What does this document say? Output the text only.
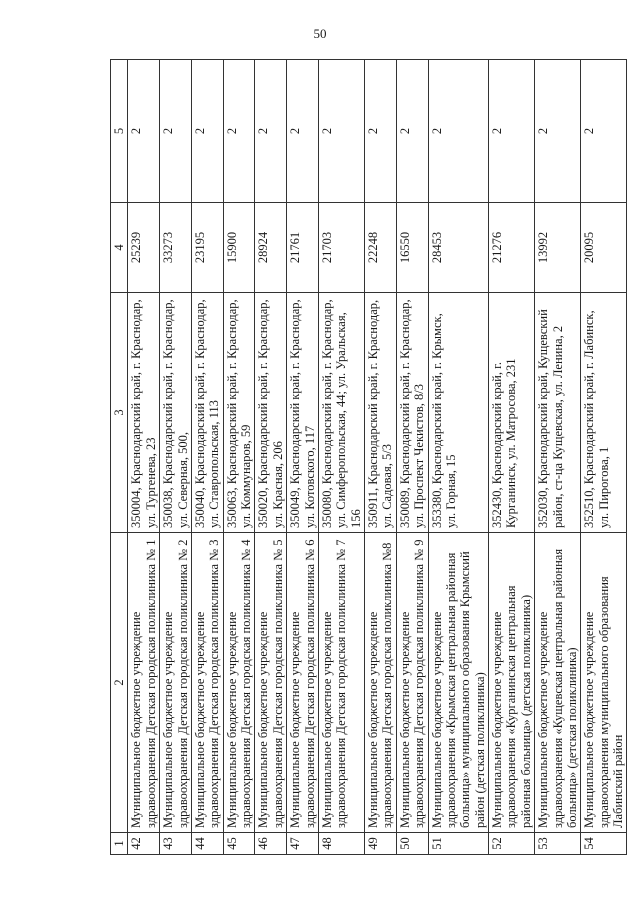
50
1	2	3	4	5
42	Муниципальное бюджетное учреждение здравоохранения Детская городская поликлиника № 1	350004, Краснодарский край, г. Краснодар, ул. Тургенева, 23	25239	2
43	Муниципальное бюджетное учреждение здравоохранения Детская городская поликлиника № 2	350038, Краснодарский край, г. Краснодар, ул. Северная, 500,	33273	2
44	Муниципальное бюджетное учреждение здравоохранения Детская городская поликлиника № 3	350040, Краснодарский край, г. Краснодар, ул. Ставропольская, 113	23195	2
45	Муниципальное бюджетное учреждение здравоохранения Детская городская поликлиника № 4	350063, Краснодарский край, г. Краснодар, ул. Коммунаров, 59	15900	2
46	Муниципальное бюджетное учреждение здравоохранения Детская городская поликлиника № 5	350020, Краснодарский край, г. Краснодар, ул. Красная, 206	28924	2
47	Муниципальное бюджетное учреждение здравоохранения Детская городская поликлиника № 6	350049, Краснодарский край, г. Краснодар, ул. Котовского, 117	21761	2
48	Муниципальное бюджетное учреждение здравоохранения Детская городская поликлиника № 7	350080, Краснодарский край, г. Краснодар, ул. Симферопольская, 44; ул. Уральская, 156	21703	2
49	Муниципальное бюджетное учреждение здравоохранения Детская городская поликлиника №8	350911, Краснодарский край, г. Краснодар, ул. Садовая, 5/3	22248	2
50	Муниципальное бюджетное учреждение здравоохранения Детская городская поликлиника № 9	350089, Краснодарский край, г. Краснодар, ул. Проспект Чекистов, 8/3	16550	2
51	Муниципальное бюджетное учреждение здравоохранения «Крымская центральная районная больница» муниципального образования Крымский район (детская поликлиника)	353380, Краснодарский край, г. Крымск, ул. Горная, 15	28453	2
52	Муниципальное бюджетное учреждение здравоохранения «Курганинская центральная районная больница» (детская поликлиника)	352430, Краснодарский край, г. Курганинск, ул. Матросова, 231	21276	2
53	Муниципальное бюджетное учреждение здравоохранения «Кущевская центральная районная больница» (детская поликлиника)	352030, Краснодарский край, Кущевский район, ст-ца Кущевская, ул. Ленина, 2	13992	2
54	Муниципальное бюджетное учреждение здравоохранения муниципального образования Лабинский район	352510, Краснодарский край, г. Лабинск, ул. Пирогова, 1	20095	2
